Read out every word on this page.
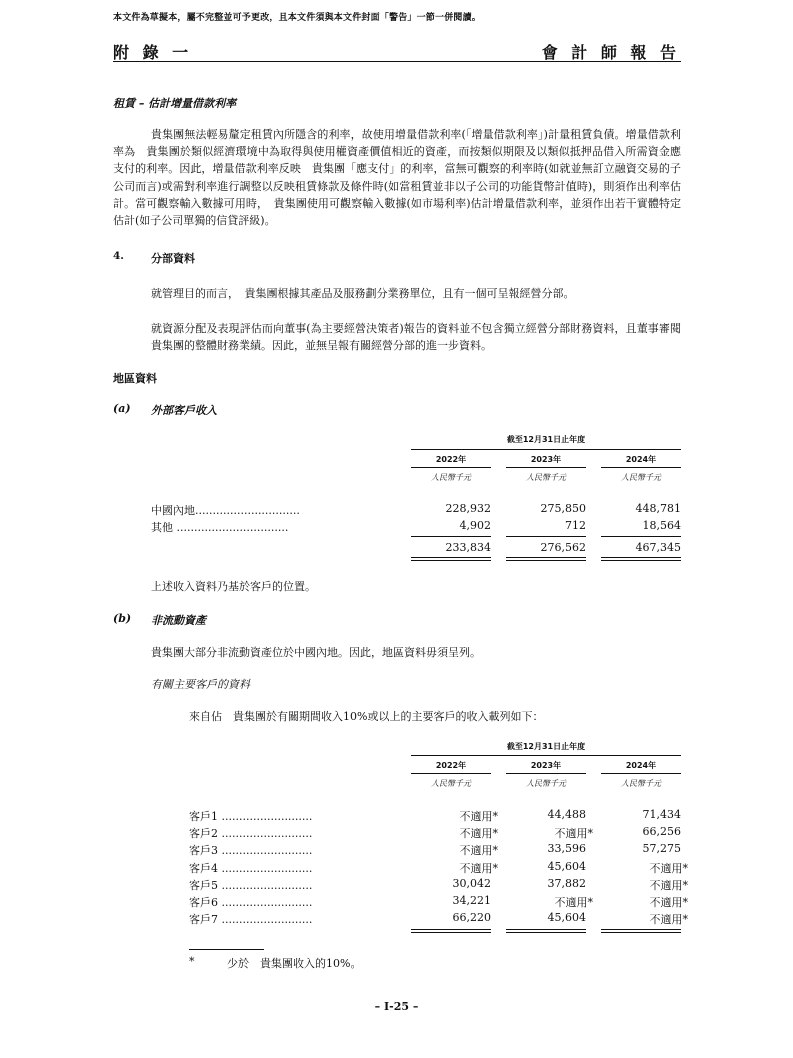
本文件為草擬本，屬不完整並可予更改，且本文件須與本文件封面「警告」一節一併閱讀。
附 錄 一	會 計 師 報 告
租賃 – 估計增量借款利率
貴集團無法輕易釐定租賃內所隱含的利率，故使用增量借款利率(「增量借款利率」)計量租賃負債。增量借款利率為　貴集團於類似經濟環境中為取得與使用權資產價值相近的資產，而按類似期限及以類似抵押品借入所需資金應支付的利率。因此，增量借款利率反映　貴集團「應支付」的利率，當無可觀察的利率時(如就並無訂立融資交易的子公司而言)或需對利率進行調整以反映租賃條款及條件時(如當租賃並非以子公司的功能貨幣計值時)，則須作出利率估計。當可觀察輸入數據可用時，　貴集團使用可觀察輸入數據(如市場利率)估計增量借款利率，並須作出若干實體特定估計(如子公司單獨的信貸評級)。
4. 分部資料
就管理目的而言，　貴集團根據其產品及服務劃分業務單位，且有一個可呈報經營分部。
就資源分配及表現評估而向董事(為主要經營決策者)報告的資料並不包含獨立經營分部財務資料，且董事審閱　貴集團的整體財務業績。因此，並無呈報有關經營分部的進一步資料。
地區資料
(a) 外部客戶收入
截至12月31日止年度
2022年	2023年	2024年
人民幣千元	人民幣千元	人民幣千元
中國內地..............................	228,932	275,850	448,781
其他 ................................	4,902	712	18,564
233,834	276,562	467,345
上述收入資料乃基於客戶的位置。
(b) 非流動資產
貴集團大部分非流動資產位於中國內地。因此，地區資料毋須呈列。
有關主要客戶的資料
來自佔　貴集團於有關期間收入10%或以上的主要客戶的收入載列如下：
截至12月31日止年度
2022年	2023年	2024年
人民幣千元	人民幣千元	人民幣千元
客戶1 ..........................	不適用*	44,488	71,434
客戶2 ..........................	不適用*	不適用*	66,256
客戶3 ..........................	不適用*	33,596	57,275
客戶4 ..........................	不適用*	45,604	不適用*
客戶5 ..........................	30,042	37,882	不適用*
客戶6 ..........................	34,221	不適用*	不適用*
客戶7 ..........................	66,220	45,604	不適用*
*	少於　貴集團收入的10%。
– I-25 –
